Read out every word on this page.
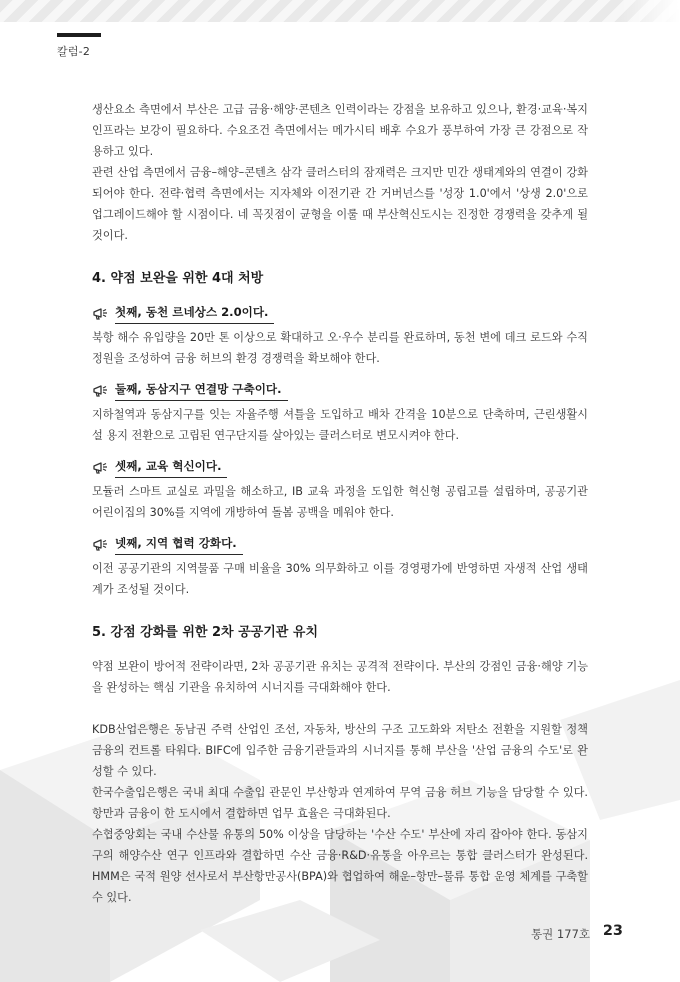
칼럼-2

생산요소 측면에서 부산은 고급 금융·해양·콘텐츠 인력이라는 강점을 보유하고 있으나, 환경·교육·복지 인프라는 보강이 필요하다. 수요조건 측면에서는 메가시티 배후 수요가 풍부하여 가장 큰 강점으로 작용하고 있다.

관련 산업 측면에서 금융–해양–콘텐츠 삼각 클러스터의 잠재력은 크지만 민간 생태계와의 연결이 강화되어야 한다. 전략·협력 측면에서는 지자체와 이전기관 간 거버넌스를 '성장 1.0'에서 '상생 2.0'으로 업그레이드해야 할 시점이다. 네 꼭짓점이 균형을 이룰 때 부산혁신도시는 진정한 경쟁력을 갖추게 될 것이다.

4. 약점 보완을 위한 4대 처방
첫째, 동천 르네상스 2.0이다.

북항 해수 유입량을 20만 톤 이상으로 확대하고 오·우수 분리를 완료하며, 동천 변에 데크 로드와 수직 정원을 조성하여 금융 허브의 환경 경쟁력을 확보해야 한다.

둘째, 동삼지구 연결망 구축이다.

지하철역과 동삼지구를 잇는 자율주행 셔틀을 도입하고 배차 간격을 10분으로 단축하며, 근린생활시설 용지 전환으로 고립된 연구단지를 살아있는 클러스터로 변모시켜야 한다.

셋째, 교육 혁신이다.

모듈러 스마트 교실로 과밀을 해소하고, IB 교육 과정을 도입한 혁신형 공립고를 설립하며, 공공기관 어린이집의 30%를 지역에 개방하여 돌봄 공백을 메워야 한다.

넷째, 지역 협력 강화다.

이전 공공기관의 지역물품 구매 비율을 30% 의무화하고 이를 경영평가에 반영하면 자생적 산업 생태계가 조성될 것이다.

5. 강점 강화를 위한 2차 공공기관 유치

약점 보완이 방어적 전략이라면, 2차 공공기관 유치는 공격적 전략이다. 부산의 강점인 금융·해양 기능을 완성하는 핵심 기관을 유치하여 시너지를 극대화해야 한다.

KDB산업은행은 동남권 주력 산업인 조선, 자동차, 방산의 구조 고도화와 저탄소 전환을 지원할 정책 금융의 컨트롤 타워다. BIFC에 입주한 금융기관들과의 시너지를 통해 부산을 '산업 금융의 수도'로 완성할 수 있다.

한국수출입은행은 국내 최대 수출입 관문인 부산항과 연계하여 무역 금융 허브 기능을 담당할 수 있다. 항만과 금융이 한 도시에서 결합하면 업무 효율은 극대화된다.

수협중앙회는 국내 수산물 유통의 50% 이상을 담당하는 '수산 수도' 부산에 자리 잡아야 한다. 동삼지구의 해양수산 연구 인프라와 결합하면 수산 금융·R&D·유통을 아우르는 통합 클러스터가 완성된다. HMM은 국적 원양 선사로서 부산항만공사(BPA)와 협업하여 해운–항만–물류 통합 운영 체계를 구축할 수 있다.

통권 177호 23
